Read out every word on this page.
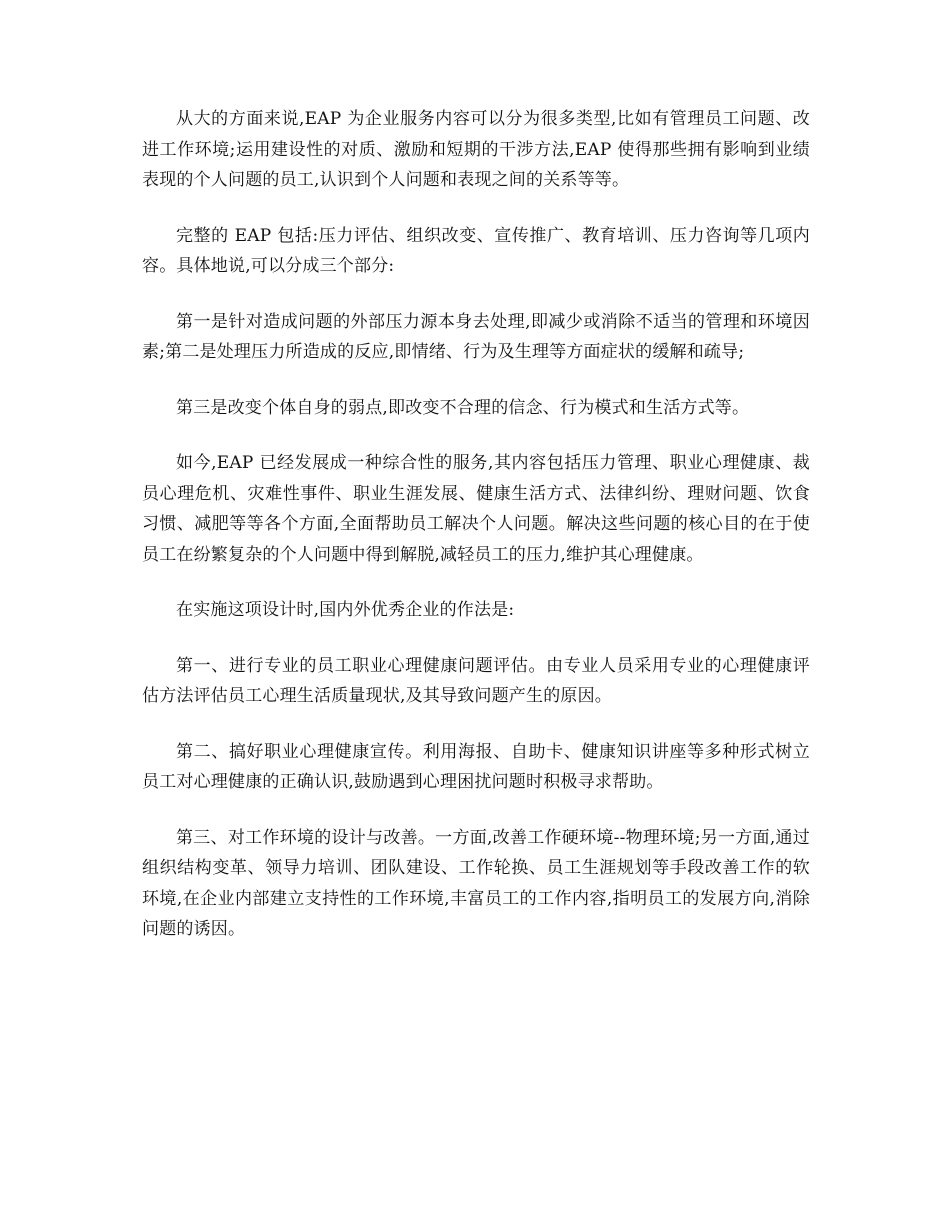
从大的方面来说,EAP 为企业服务内容可以分为很多类型,比如有管理员工问题、改进工作环境;运用建设性的对质、激励和短期的干涉方法,EAP 使得那些拥有影响到业绩表现的个人问题的员工,认识到个人问题和表现之间的关系等等。

完整的 EAP 包括:压力评估、组织改变、宣传推广、教育培训、压力咨询等几项内容。具体地说,可以分成三个部分:

第一是针对造成问题的外部压力源本身去处理,即减少或消除不适当的管理和环境因素;第二是处理压力所造成的反应,即情绪、行为及生理等方面症状的缓解和疏导;

第三是改变个体自身的弱点,即改变不合理的信念、行为模式和生活方式等。

如今,EAP 已经发展成一种综合性的服务,其内容包括压力管理、职业心理健康、裁员心理危机、灾难性事件、职业生涯发展、健康生活方式、法律纠纷、理财问题、饮食习惯、减肥等等各个方面,全面帮助员工解决个人问题。解决这些问题的核心目的在于使员工在纷繁复杂的个人问题中得到解脱,减轻员工的压力,维护其心理健康。

在实施这项设计时,国内外优秀企业的作法是:

第一、进行专业的员工职业心理健康问题评估。由专业人员采用专业的心理健康评估方法评估员工心理生活质量现状,及其导致问题产生的原因。

第二、搞好职业心理健康宣传。利用海报、自助卡、健康知识讲座等多种形式树立员工对心理健康的正确认识,鼓励遇到心理困扰问题时积极寻求帮助。

第三、对工作环境的设计与改善。一方面,改善工作硬环境--物理环境;另一方面,通过组织结构变革、领导力培训、团队建设、工作轮换、员工生涯规划等手段改善工作的软环境,在企业内部建立支持性的工作环境,丰富员工的工作内容,指明员工的发展方向,消除问题的诱因。
